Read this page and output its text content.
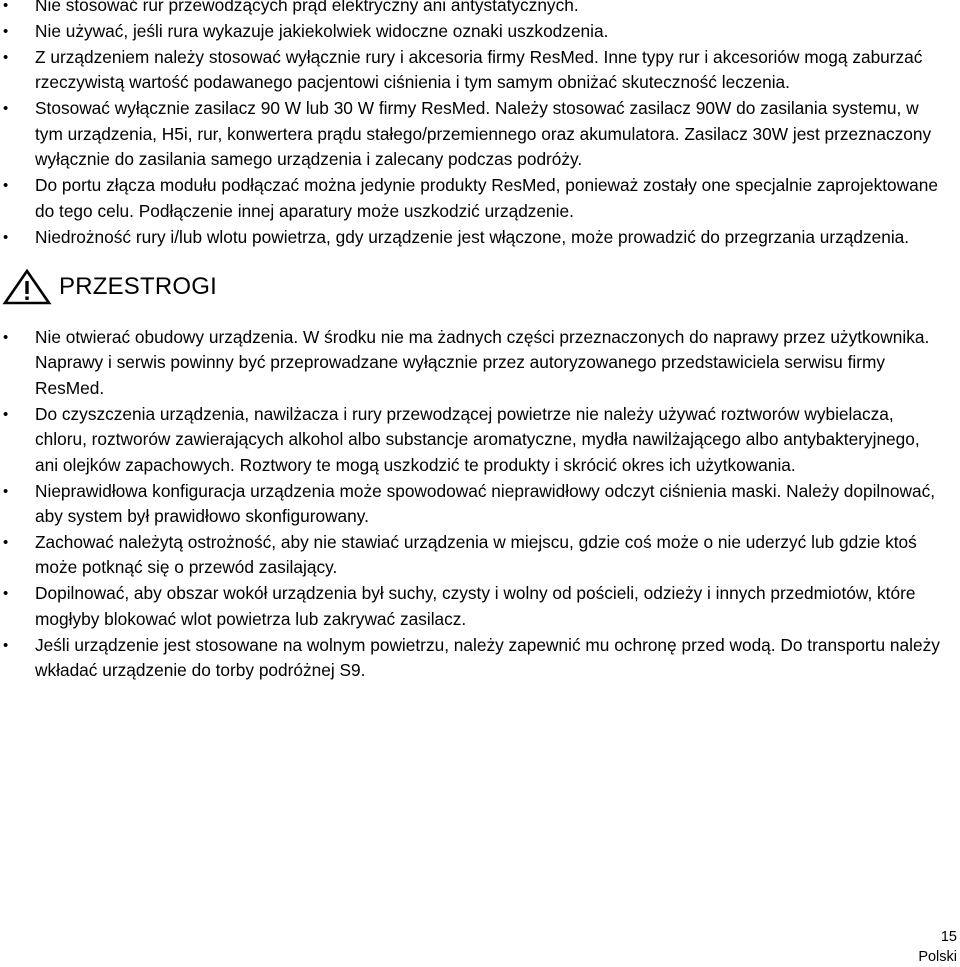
• Nie stosować rur przewodzących prąd elektryczny ani antystatycznych.
• Nie używać, jeśli rura wykazuje jakiekolwiek widoczne oznaki uszkodzenia.
• Z urządzeniem należy stosować wyłącznie rury i akcesoria firmy ResMed. Inne typy rur i akcesoriów mogą zaburzać rzeczywistą wartość podawanego pacjentowi ciśnienia i tym samym obniżać skuteczność leczenia.
• Stosować wyłącznie zasilacz 90 W lub 30 W firmy ResMed. Należy stosować zasilacz 90W do zasilania systemu, w tym urządzenia, H5i, rur, konwertera prądu stałego/przemiennego oraz akumulatora. Zasilacz 30W jest przeznaczony wyłącznie do zasilania samego urządzenia i zalecany podczas podróży.
• Do portu złącza modułu podłączać można jedynie produkty ResMed, ponieważ zostały one specjalnie zaprojektowane do tego celu. Podłączenie innej aparatury może uszkodzić urządzenie.
• Niedrożność rury i/lub wlotu powietrza, gdy urządzenie jest włączone, może prowadzić do przegrzania urządzenia.
PRZESTROGI
• Nie otwierać obudowy urządzenia. W środku nie ma żadnych części przeznaczonych do naprawy przez użytkownika. Naprawy i serwis powinny być przeprowadzane wyłącznie przez autoryzowanego przedstawiciela serwisu firmy ResMed.
• Do czyszczenia urządzenia, nawilżacza i rury przewodzącej powietrze nie należy używać roztworów wybielacza, chloru, roztworów zawierających alkohol albo substancje aromatyczne, mydła nawilżającego albo antybakteryjnego, ani olejków zapachowych. Roztwory te mogą uszkodzić te produkty i skrócić okres ich użytkowania.
• Nieprawidłowa konfiguracja urządzenia może spowodować nieprawidłowy odczyt ciśnienia maski. Należy dopilnować, aby system był prawidłowo skonfigurowany.
• Zachować należytą ostrożność, aby nie stawiać urządzenia w miejscu, gdzie coś może o nie uderzyć lub gdzie ktoś może potknąć się o przewód zasilający.
• Dopilnować, aby obszar wokół urządzenia był suchy, czysty i wolny od pościeli, odzieży i innych przedmiotów, które mogłyby blokować wlot powietrza lub zakrywać zasilacz.
• Jeśli urządzenie jest stosowane na wolnym powietrzu, należy zapewnić mu ochronę przed wodą. Do transportu należy wkładać urządzenie do torby podróżnej S9.
15
Polski
